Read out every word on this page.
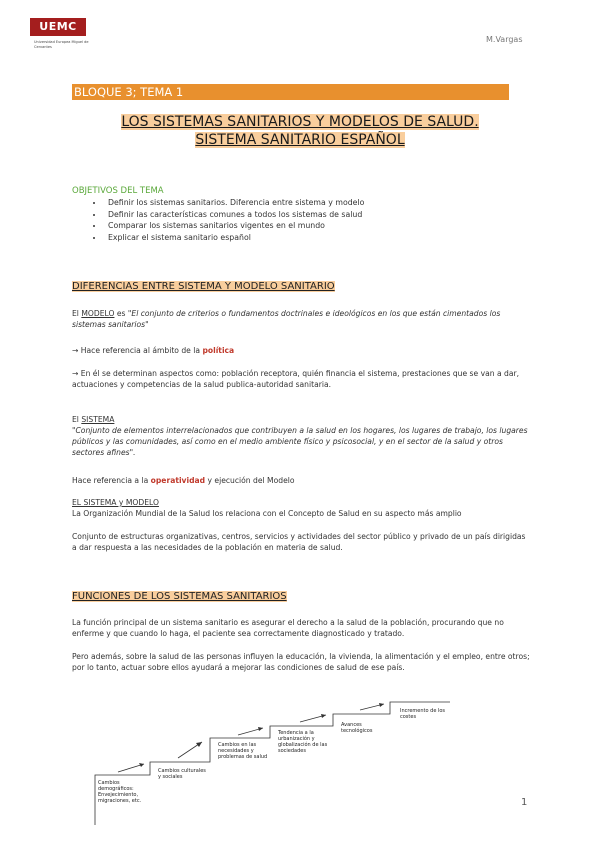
UEMC
Universidad Europea Miguel de Cervantes
M.Vargas
BLOQUE 3; TEMA 1
LOS SISTEMAS SANITARIOS Y MODELOS DE SALUD.
SISTEMA SANITARIO ESPAÑOL
OBJETIVOS DEL TEMA
• Definir los sistemas sanitarios. Diferencia entre sistema y modelo
• Definir las características comunes a todos los sistemas de salud
• Comparar los sistemas sanitarios vigentes en el mundo
• Explicar el sistema sanitario español
DIFERENCIAS ENTRE SISTEMA Y MODELO SANITARIO
El MODELO es "El conjunto de criterios o fundamentos doctrinales e ideológicos en los que están cimentados los sistemas sanitarios"
→ Hace referencia al ámbito de la política
→ En él se determinan aspectos como: población receptora, quién financia el sistema, prestaciones que se van a dar, actuaciones y competencias de la salud publica-autoridad sanitaria.
El SISTEMA
"Conjunto de elementos interrelacionados que contribuyen a la salud en los hogares, los lugares de trabajo, los lugares públicos y las comunidades, así como en el medio ambiente físico y psicosocial, y en el sector de la salud y otros sectores afines".
Hace referencia a la operatividad y ejecución del Modelo
EL SISTEMA y MODELO
La Organización Mundial de la Salud los relaciona con el Concepto de Salud en su aspecto más amplio
Conjunto de estructuras organizativas, centros, servicios y actividades del sector público y privado de un país dirigidas a dar respuesta a las necesidades de la población en materia de salud.
FUNCIONES DE LOS SISTEMAS SANITARIOS
La función principal de un sistema sanitario es asegurar el derecho a la salud de la población, procurando que no enferme y que cuando lo haga, el paciente sea correctamente diagnosticado y tratado.
Pero además, sobre la salud de las personas influyen la educación, la vivienda, la alimentación y el empleo, entre otros; por lo tanto, actuar sobre ellos ayudará a mejorar las condiciones de salud de ese país.
Cambios demográficos: Envejecimiento, migraciones, etc.
Cambios culturales y sociales
Cambios en las necesidades y problemas de salud
Tendencia a la urbanización y globalización de las sociedades
Avances tecnológicos
Incremento de los costes
1
